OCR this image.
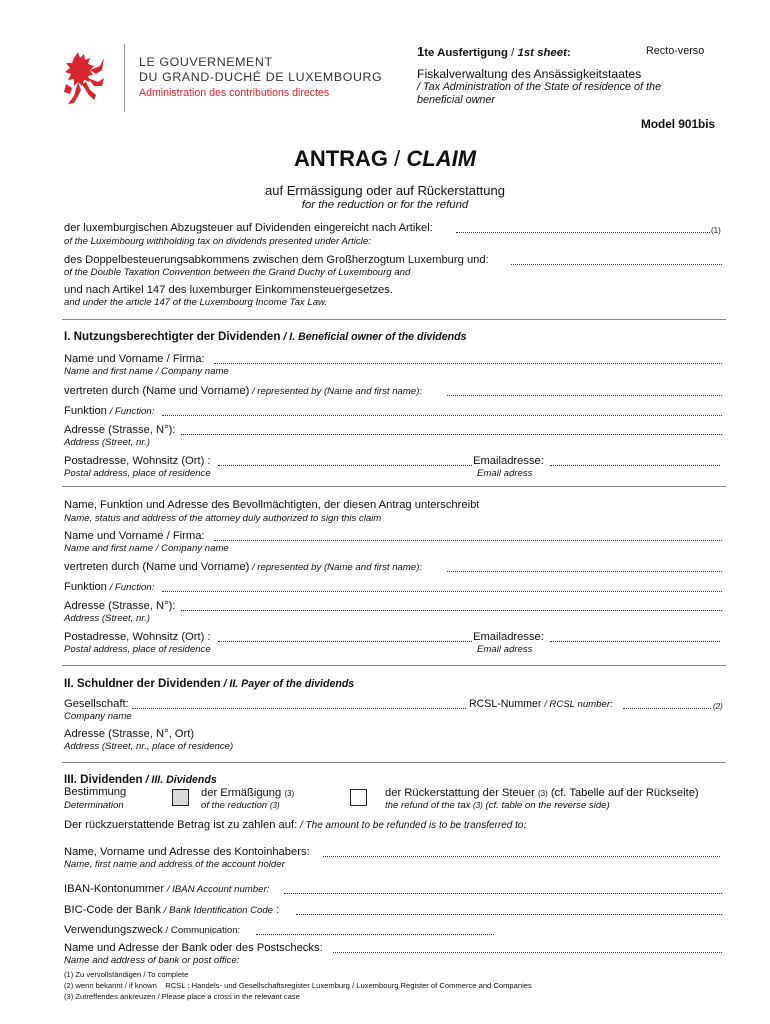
LE GOUVERNEMENT
DU GRAND-DUCHÉ DE LUXEMBOURG
Administration des contributions directes
1te Ausfertigung / 1st sheet:	Recto-verso
Fiskalverwaltung des Ansässigkeitstaates
/ Tax Administration of the State of residence of the
beneficial owner
Model 901bis
ANTRAG / CLAIM
auf Ermässigung oder auf Rückerstattung
for the reduction or for the refund
der luxemburgischen Abzugsteuer auf Dividenden eingereicht nach Artikel:	(1)
of the Luxembourg withholding tax on dividends presented under Article:
des Doppelbesteuerungsabkommens zwischen dem Großherzogtum Luxemburg und:
of the Double Taxation Convention between the Grand Duchy of Luxembourg and
und nach Artikel 147 des luxemburger Einkommensteuergesetzes.
and under the article 147 of the Luxembourg Income Tax Law.
I. Nutzungsberechtigter der Dividenden / I. Beneficial owner of the dividends
Name und Vorname / Firma:
Name and first name / Company name
vertreten durch (Name und Vorname) / represented by (Name and first name):
Funktion / Function:
Adresse (Strasse, N°):
Address (Street, nr.)
Postadresse, Wohnsitz (Ort) :	Emailadresse:
Postal address, place of residence	Email adress
Name, Funktion und Adresse des Bevollmächtigten, der diesen Antrag unterschreibt
Name, status and address of the attorney duly authorized to sign this claim
Name und Vorname / Firma:
Name and first name / Company name
vertreten durch (Name und Vorname) / represented by (Name and first name):
Funktion / Function:
Adresse (Strasse, N°):
Address (Street, nr.)
Postadresse, Wohnsitz (Ort) :	Emailadresse:
Postal address, place of residence	Email adress
II. Schuldner der Dividenden / II. Payer of the dividends
Gesellschaft:	RCSL-Nummer / RCSL number:	(2)
Company name
Adresse (Strasse, N°, Ort)
Address (Street, nr., place of residence)
III. Dividenden / III. Dividends
Bestimmung
Determination
der Ermäßigung (3)
of the reduction (3)
der Rückerstattung der Steuer (3) (cf. Tabelle auf der Rückseite)
the refund of the tax (3) (cf. table on the reverse side)
Der rückzuerstattende Betrag ist zu zahlen auf: / The amount to be refunded is to be transferred to:
Name, Vorname und Adresse des Kontoinhabers:
Name, first name and address of the account holder
IBAN-Kontonummer / IBAN Account number:
BIC-Code der Bank / Bank Identification Code :
Verwendungszweck / Communication:
Name und Adresse der Bank oder des Postschecks:
Name and address of bank or post office:
(1) Zu vervollständigen / To complete
(2) wenn bekannt / if known    RCSL : Handels- und Gesellschaftsregister Luxemburg / Luxembourg Register of Commerce and Companies
(3) Zutreffendes ankreuzen / Please place a cross in the relevant case
